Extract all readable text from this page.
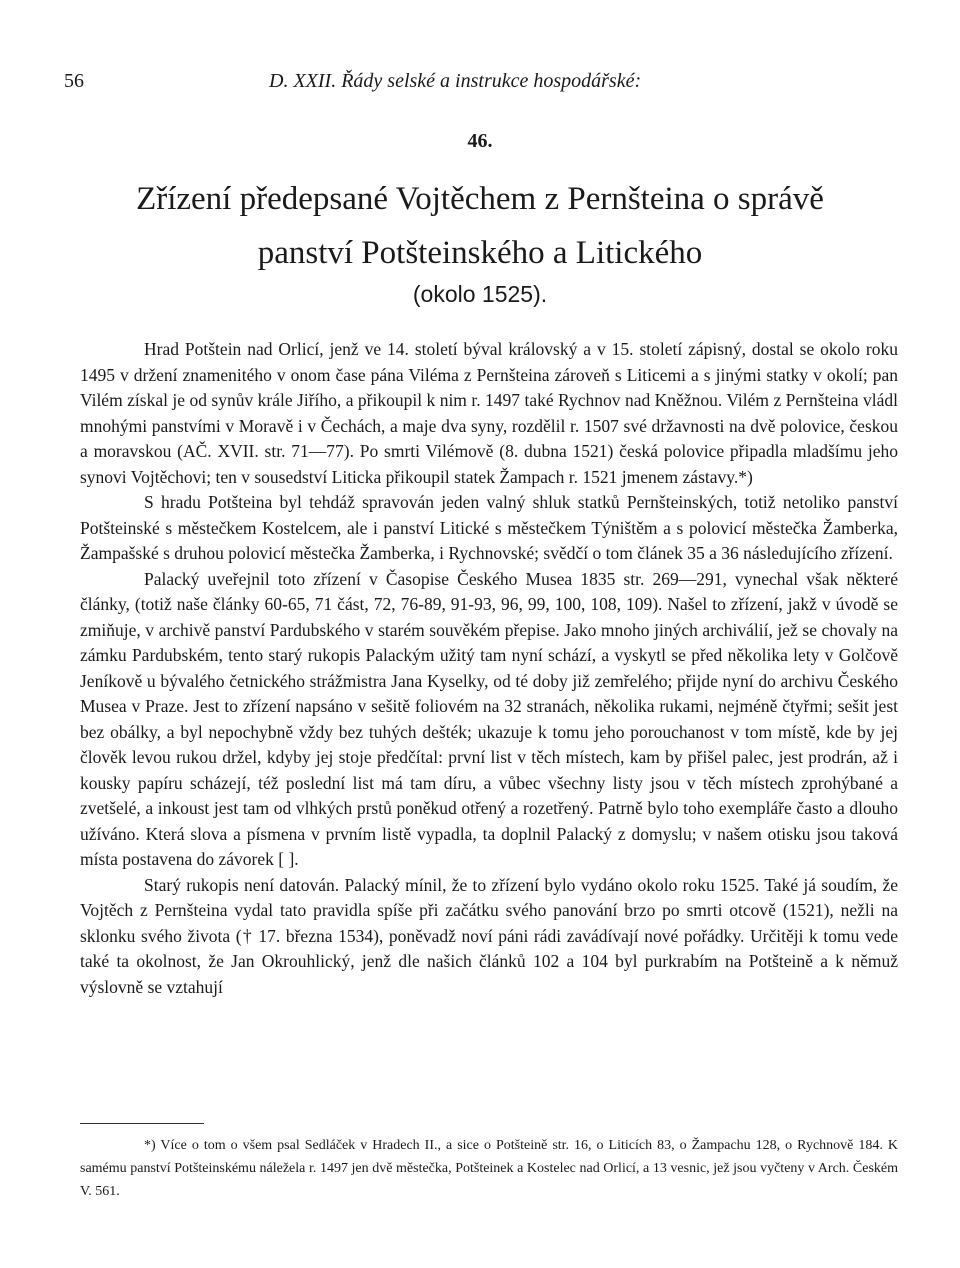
56	D. XXII. Řády selské a instrukce hospodářské:
46.
Zřízení předepsané Vojtěchem z Pernšteina o správě
panství Potšteinského a Litického
(okolo 1525).

Hrad Potštein nad Orlicí, jenž ve 14. století býval královský a v 15. století zápisný, dostal se okolo roku 1495 v držení znamenitého v onom čase pána Viléma z Pernšteina zároveň s Liticemi a s jinými statky v okolí; pan Vilém získal je od synův krále Jiřího, a přikoupil k nim r. 1497 také Rychnov nad Kněžnou. Vilém z Pernšteina vládl mnohými panstvími v Moravě i v Čechách, a maje dva syny, rozdělil r. 1507 své državnosti na dvě polovice, českou a moravskou (AČ. XVII. str. 71—77). Po smrti Vilémově (8. dubna 1521) česká polovice připadla mladšímu jeho synovi Vojtěchovi; ten v sousedství Liticka přikoupil statek Žampach r. 1521 jmenem zástavy.*)

S hradu Potšteina byl tehdáž spravován jeden valný shluk statků Pernšteinských, totiž netoliko panství Potšteinské s městečkem Kostelcem, ale i panství Litické s městečkem Týništěm a s polovicí městečka Žamberka, Žampašské s druhou polovicí městečka Žamberka, i Rychnovské; svědčí o tom článek 35 a 36 následujícího zřízení.

Palacký uveřejnil toto zřízení v Časopise Českého Musea 1835 str. 269—291, vynechal však některé články, (totiž naše články 60-65, 71 část, 72, 76-89, 91-93, 96, 99, 100, 108, 109). Našel to zřízení, jakž v úvodě se zmiňuje, v archivě panství Pardubského v starém souvěkém přepise. Jako mnoho jiných archiválií, jež se chovaly na zámku Pardubském, tento starý rukopis Palackým užitý tam nyní schází, a vyskytl se před několika lety v Golčově Jeníkově u bývalého četnického strážmistra Jana Kyselky, od té doby již zemřelého; přijde nyní do archivu Českého Musea v Praze. Jest to zřízení napsáno v sešitě foliovém na 32 stranách, několika rukami, nejméně čtyřmi; sešit jest bez obálky, a byl nepochybně vždy bez tuhých dešték; ukazuje k tomu jeho porouchanost v tom místě, kde by jej člověk levou rukou držel, kdyby jej stoje předčítal: první list v těch místech, kam by přišel palec, jest prodrán, až i kousky papíru scházejí, též poslední list má tam díru, a vůbec všechny listy jsou v těch místech zprohýbané a zvetšelé, a inkoust jest tam od vlhkých prstů poněkud otřený a rozetřený. Patrně bylo toho exempláře často a dlouho užíváno. Která slova a písmena v prvním listě vypadla, ta doplnil Palacký z domyslu; v našem otisku jsou taková místa postavena do závorek [ ].

Starý rukopis není datován. Palacký mínil, že to zřízení bylo vydáno okolo roku 1525. Také já soudím, že Vojtěch z Pernšteina vydal tato pravidla spíše při začátku svého panování brzo po smrti otcově (1521), nežli na sklonku svého života († 17. března 1534), poněvadž noví páni rádi zavádívají nové pořádky. Určitěji k tomu vede také ta okolnost, že Jan Okrouhlický, jenž dle našich článků 102 a 104 byl purkrabím na Potšteině a k němuž výslovně se vztahují

*) Více o tom o všem psal Sedláček v Hradech II., a sice o Potšteině str. 16, o Liticích 83, o Žampachu 128, o Rychnově 184. K samému panství Potšteinskému náležela r. 1497 jen dvě městečka, Potšteinek a Kostelec nad Orlicí, a 13 vesnic, jež jsou vyčteny v Arch. Českém V. 561.
